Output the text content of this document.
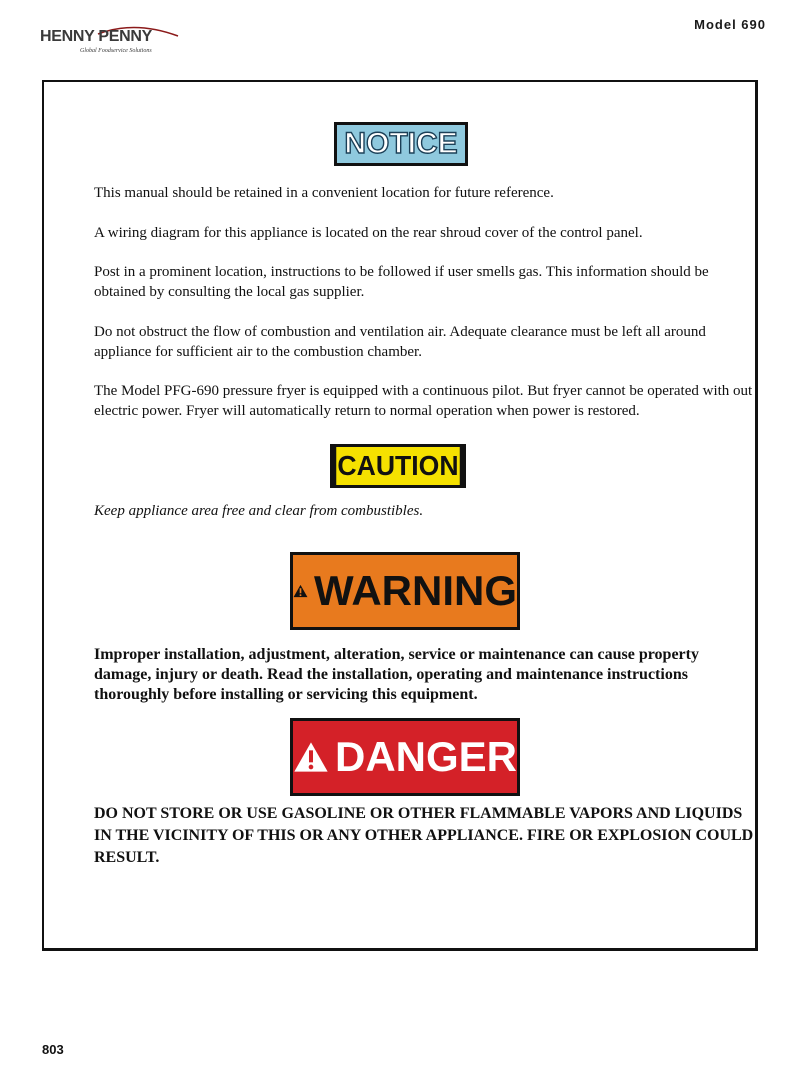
HENNY PENNY
Global Foodservice Solutions
Model 690
NOTICE

This manual should be retained in a convenient location for future reference.

A wiring diagram for this appliance is located on the rear shroud cover of the control panel.

Post in a prominent location, instructions to be followed if user smells gas. This information should be obtained by consulting the local gas supplier.

Do not obstruct the flow of combustion and ventilation air. Adequate clearance must be left all around appliance for sufficient air to the combustion chamber.

The Model PFG-690 pressure fryer is equipped with a continuous pilot. But fryer cannot be operated with out electric power. Fryer will automatically return to normal operation when power is restored.

CAUTION

Keep appliance area free and clear from combustibles.

WARNING

Improper installation, adjustment, alteration, service or maintenance can cause property damage, injury or death. Read the installation, operating and maintenance instructions thoroughly before installing or servicing this equipment.

DANGER

DO NOT STORE OR USE GASOLINE OR OTHER FLAMMABLE VAPORS AND LIQUIDS IN THE VICINITY OF THIS OR ANY OTHER APPLIANCE. FIRE OR EXPLOSION COULD RESULT.

803
